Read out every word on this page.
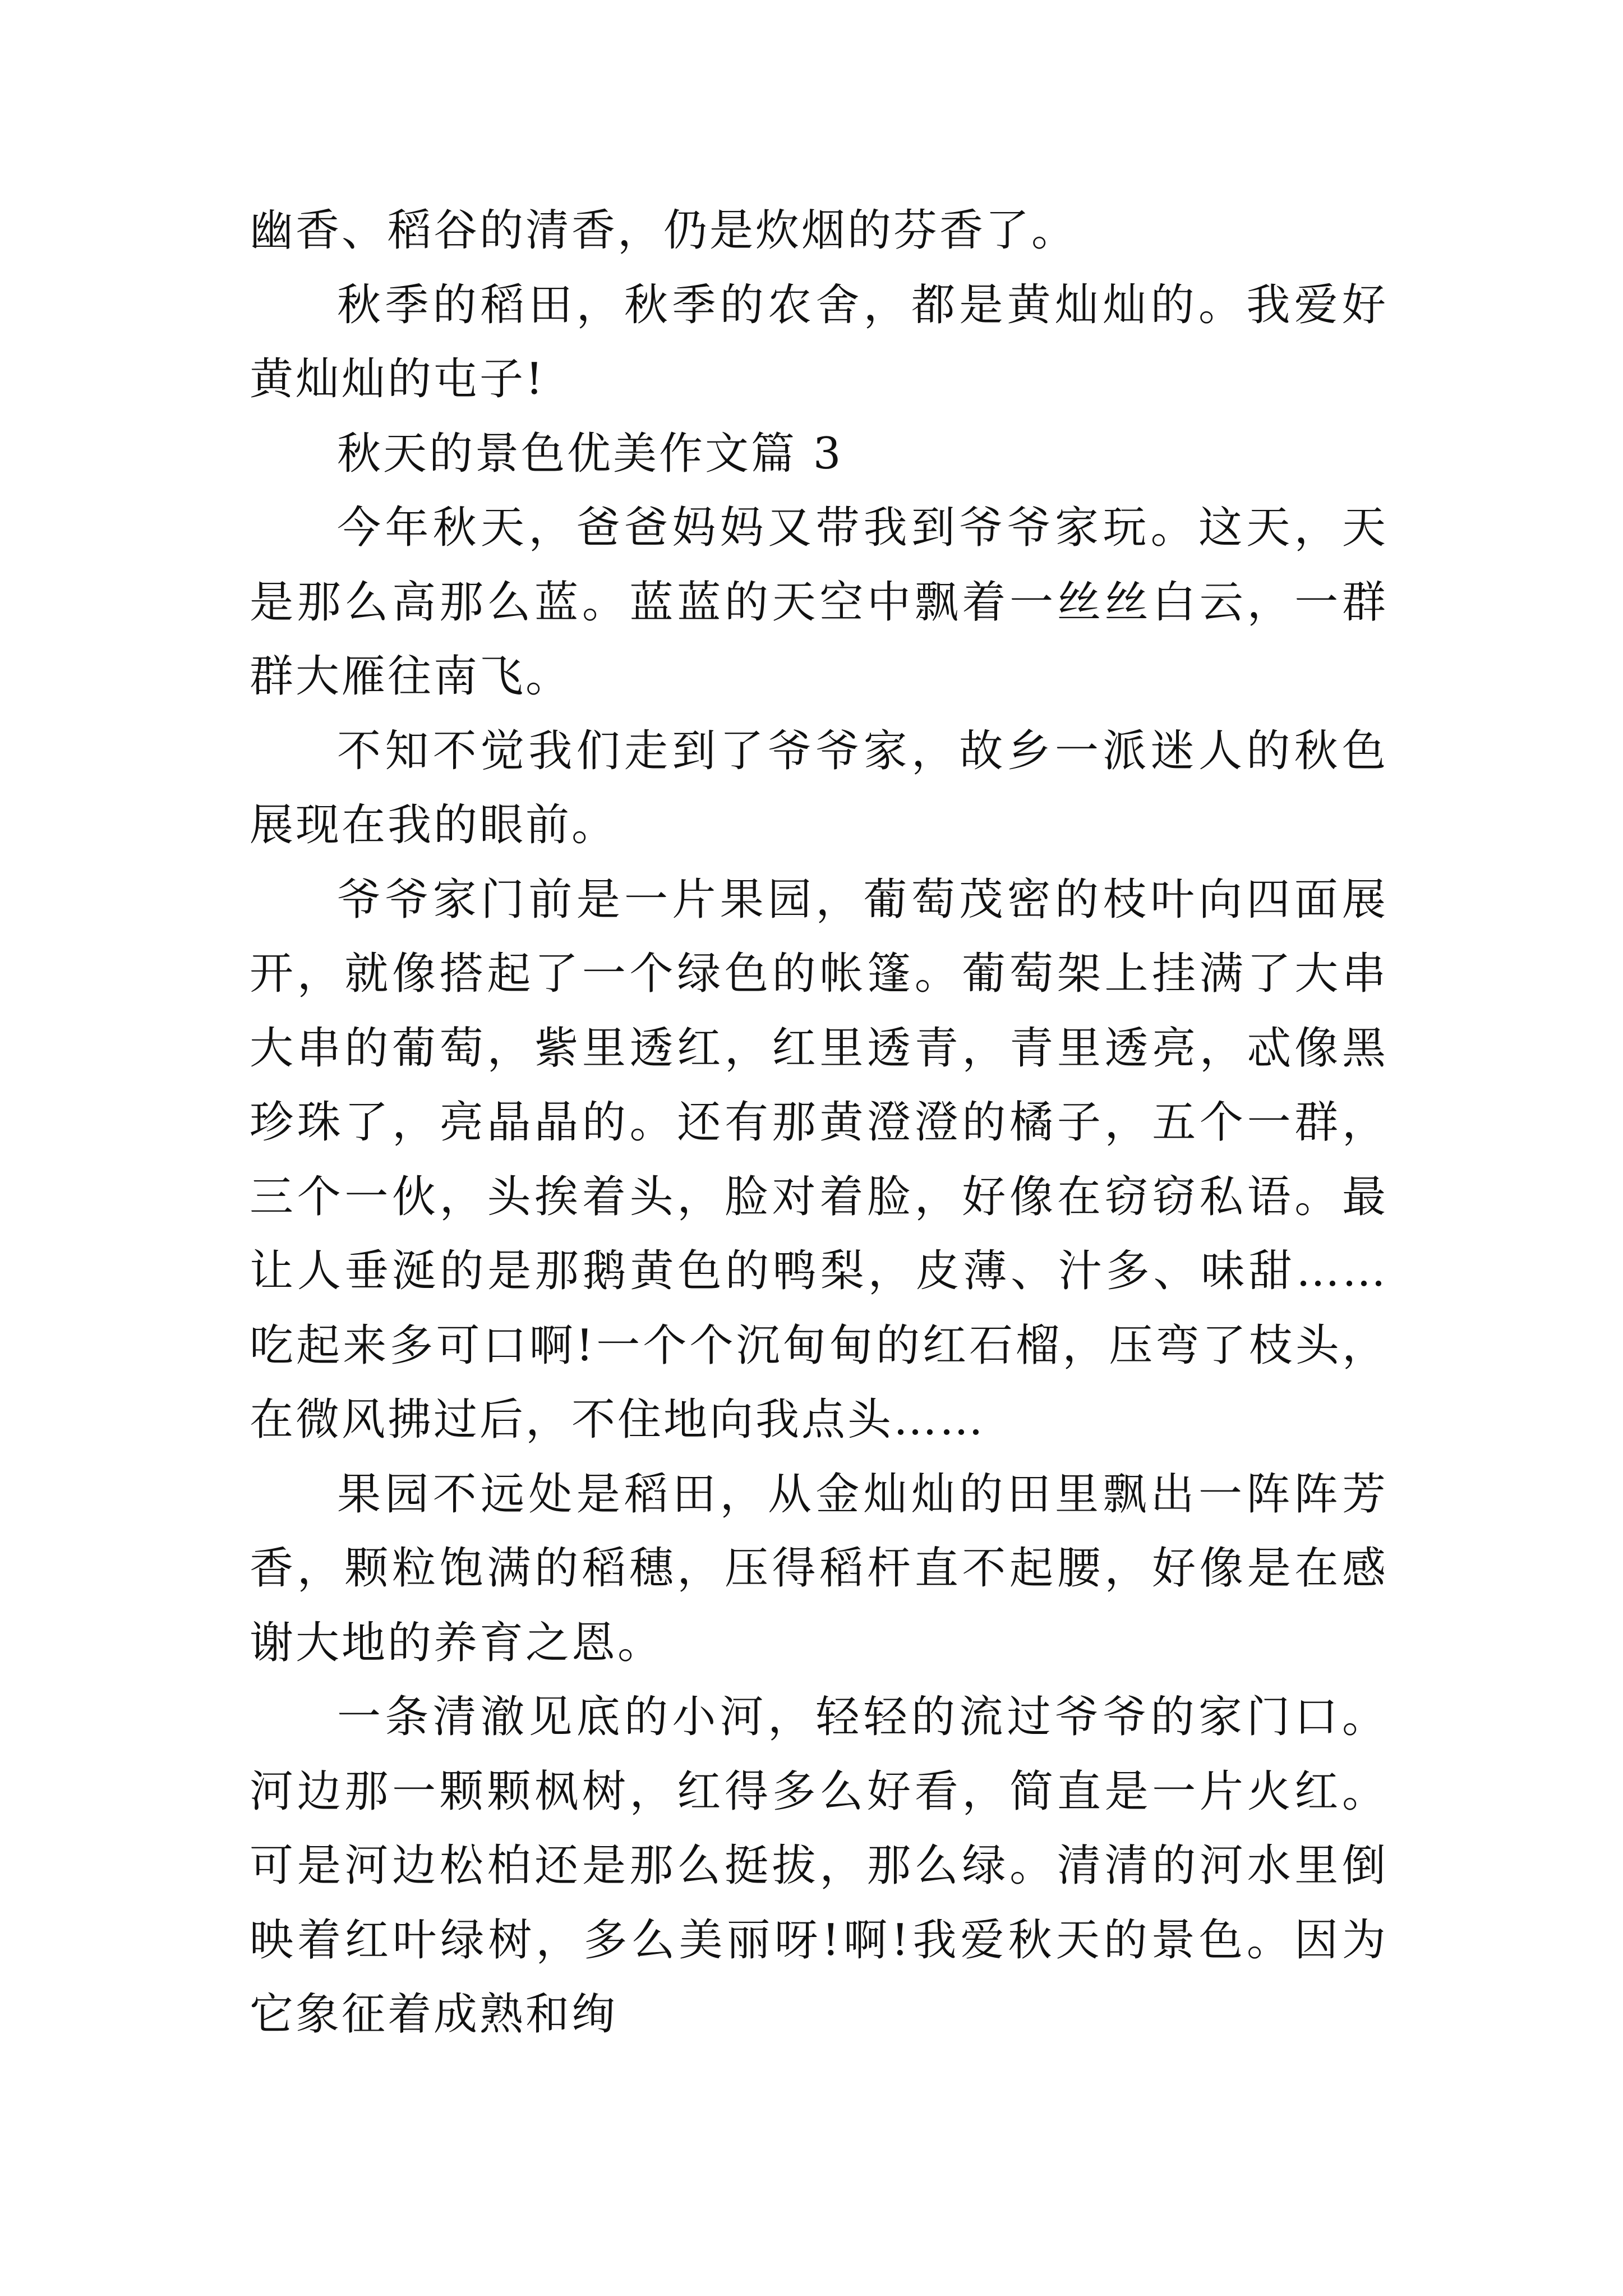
幽香、稻谷的清香，仍是炊烟的芬香了。

秋季的稻田，秋季的农舍，都是黄灿灿的。我爱好黄灿灿的屯子!

秋天的景色优美作文篇 3

今年秋天，爸爸妈妈又带我到爷爷家玩。这天，天是那么高那么蓝。蓝蓝的天空中飘着一丝丝白云，一群群大雁往南飞。

不知不觉我们走到了爷爷家，故乡一派迷人的秋色展现在我的眼前。

爷爷家门前是一片果园，葡萄茂密的枝叶向四面展开，就像搭起了一个绿色的帐篷。葡萄架上挂满了大串大串的葡萄，紫里透红，红里透青，青里透亮，忒像黑珍珠了，亮晶晶的。还有那黄澄澄的橘子，五个一群，三个一伙，头挨着头，脸对着脸，好像在窃窃私语。最让人垂涎的是那鹅黄色的鸭梨，皮薄、汁多、味甜……吃起来多可口啊!一个个沉甸甸的红石榴，压弯了枝头，在微风拂过后，不住地向我点头……

果园不远处是稻田，从金灿灿的田里飘出一阵阵芳香，颗粒饱满的稻穗，压得稻杆直不起腰，好像是在感谢大地的养育之恩。

一条清澈见底的小河，轻轻的流过爷爷的家门口。河边那一颗颗枫树，红得多么好看，简直是一片火红。可是河边松柏还是那么挺拔，那么绿。清清的河水里倒映着红叶绿树，多么美丽呀!啊!我爱秋天的景色。因为它象征着成熟和绚
